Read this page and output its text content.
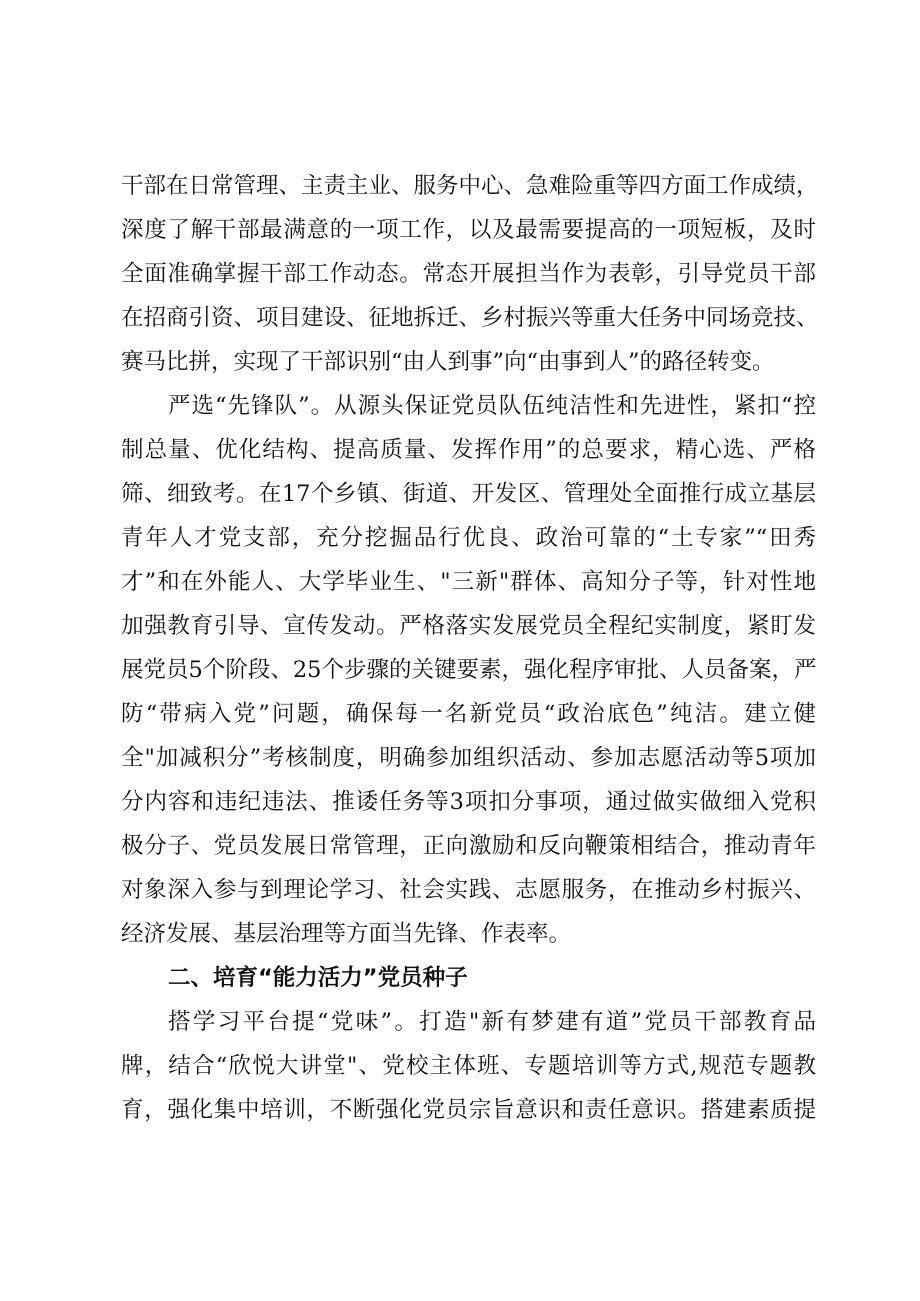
干部在日常管理、主责主业、服务中心、急难险重等四方面工作成绩，
深度了解干部最满意的一项工作，以及最需要提高的一项短板，及时
全面准确掌握干部工作动态。常态开展担当作为表彰，引导党员干部
在招商引资、项目建设、征地拆迁、乡村振兴等重大任务中同场竞技、
赛马比拼，实现了干部识别“由人到事”向“由事到人”的路径转变。
严选“先锋队”。从源头保证党员队伍纯洁性和先进性，紧扣“控
制总量、优化结构、提高质量、发挥作用”的总要求，精心选、严格
筛、细致考。在17个乡镇、街道、开发区、管理处全面推行成立基层
青年人才党支部，充分挖掘品行优良、政治可靠的“土专家”“田秀
才”和在外能人、大学毕业生、"三新"群体、高知分子等，针对性地
加强教育引导、宣传发动。严格落实发展党员全程纪实制度，紧盯发
展党员5个阶段、25个步骤的关键要素，强化程序审批、人员备案，严
防“带病入党”问题，确保每一名新党员“政治底色”纯洁。建立健
全"加减积分”考核制度，明确参加组织活动、参加志愿活动等5项加
分内容和违纪违法、推诿任务等3项扣分事项，通过做实做细入党积
极分子、党员发展日常管理，正向激励和反向鞭策相结合，推动青年
对象深入参与到理论学习、社会实践、志愿服务，在推动乡村振兴、
经济发展、基层治理等方面当先锋、作表率。
二、培育“能力活力”党员种子
搭学习平台提“党味”。打造"新有梦建有道”党员干部教育品
牌，结合“欣悦大讲堂"、党校主体班、专题培训等方式,规范专题教
育，强化集中培训，不断强化党员宗旨意识和责任意识。搭建素质提
